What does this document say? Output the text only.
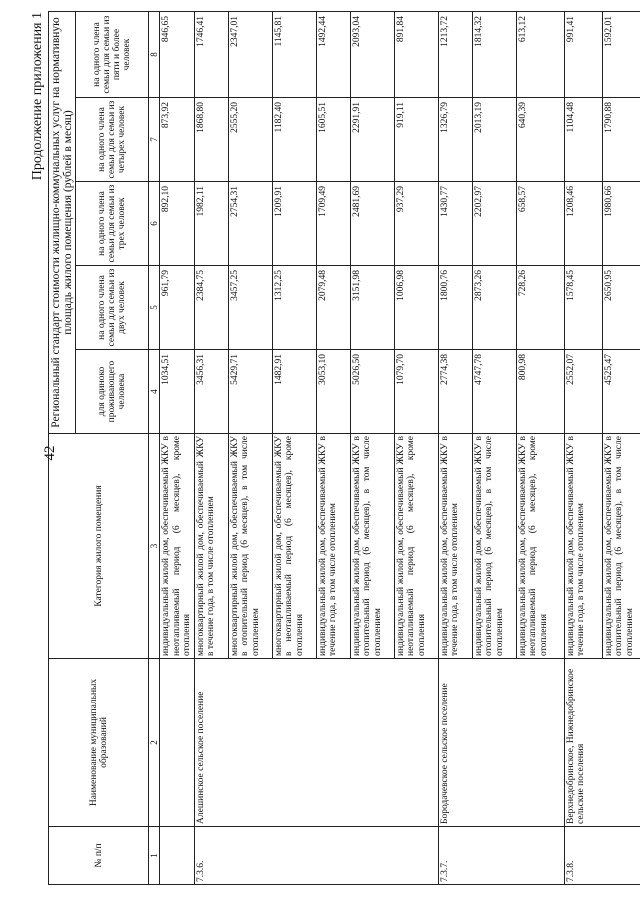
42
Продолжение приложения 1
№ п/п	Наименование муниципальных образований	Категория жилого помещения	Региональный стандарт стоимости жилищно-коммунальных услуг на нормативную площадь жилого помещения (рублей в месяц)				
			для одиноко проживающего человека	на одного члена семьи для семьи из двух человек	на одного члена семьи для семьи из трех человек	на одного члена семьи для семьи из четырех человек	на одного члена семьи для семьи из пяти и более человек
1	2	3	4	5	6	7	8
		индивидуальный жилой дом, обеспечиваемый ЖКУ в неотапливаемый период (6 месяцев), кроме отопления	1034,51	961,79	892,10	873,92	846,65
7.3.6.	Алешинское сельское поселение	многоквартирный жилой дом, обеспечиваемый ЖКУ в течение года, в том числе отоплением	3456,31	2384,75	1982,11	1868,80	1746,41
		многоквартирный жилой дом, обеспечиваемый ЖКУ в отопительный период (6 месяцев), в том числе отоплением	5429,71	3457,25	2754,31	2555,20	2347,01
		многоквартирный жилой дом, обеспечиваемый ЖКУ в неотапливаемый период (6 месяцев), кроме отопления	1482,91	1312,25	1209,91	1182,40	1145,81
		индивидуальный жилой дом, обеспечиваемый ЖКУ в течение года, в том числе отоплением	3053,10	2079,48	1709,49	1605,51	1492,44
		индивидуальный жилой дом, обеспечиваемый ЖКУ в отопительный период (6 месяцев), в том числе отоплением	5026,50	3151,98	2481,69	2291,91	2093,04
		индивидуальный жилой дом, обеспечиваемый ЖКУ в неотапливаемый период (6 месяцев), кроме отопления	1079,70	1006,98	937,29	919,11	891,84
7.3.7.	Бородачевское сельское поселение	индивидуальный жилой дом, обеспечиваемый ЖКУ в течение года, в том числе отоплением	2774,38	1800,76	1430,77	1326,79	1213,72
		индивидуальный жилой дом, обеспечиваемый ЖКУ в отопительный период (6 месяцев), в том числе отоплением	4747,78	2873,26	2202,97	2013,19	1814,32
		индивидуальный жилой дом, обеспечиваемый ЖКУ в неотапливаемый период (6 месяцев), кроме отопления	800,98	728,26	658,57	640,39	613,12
7.3.8.	Верхнедобринское, Нижнедобринское сельские поселения	индивидуальный жилой дом, обеспечиваемый ЖКУ в течение года, в том числе отоплением	2552,07	1578,45	1208,46	1104,48	991,41
		индивидуальный жилой дом, обеспечиваемый ЖКУ в отопительный период (6 месяцев), в том числе отоплением	4525,47	2650,95	1980,66	1790,88	1592,01
